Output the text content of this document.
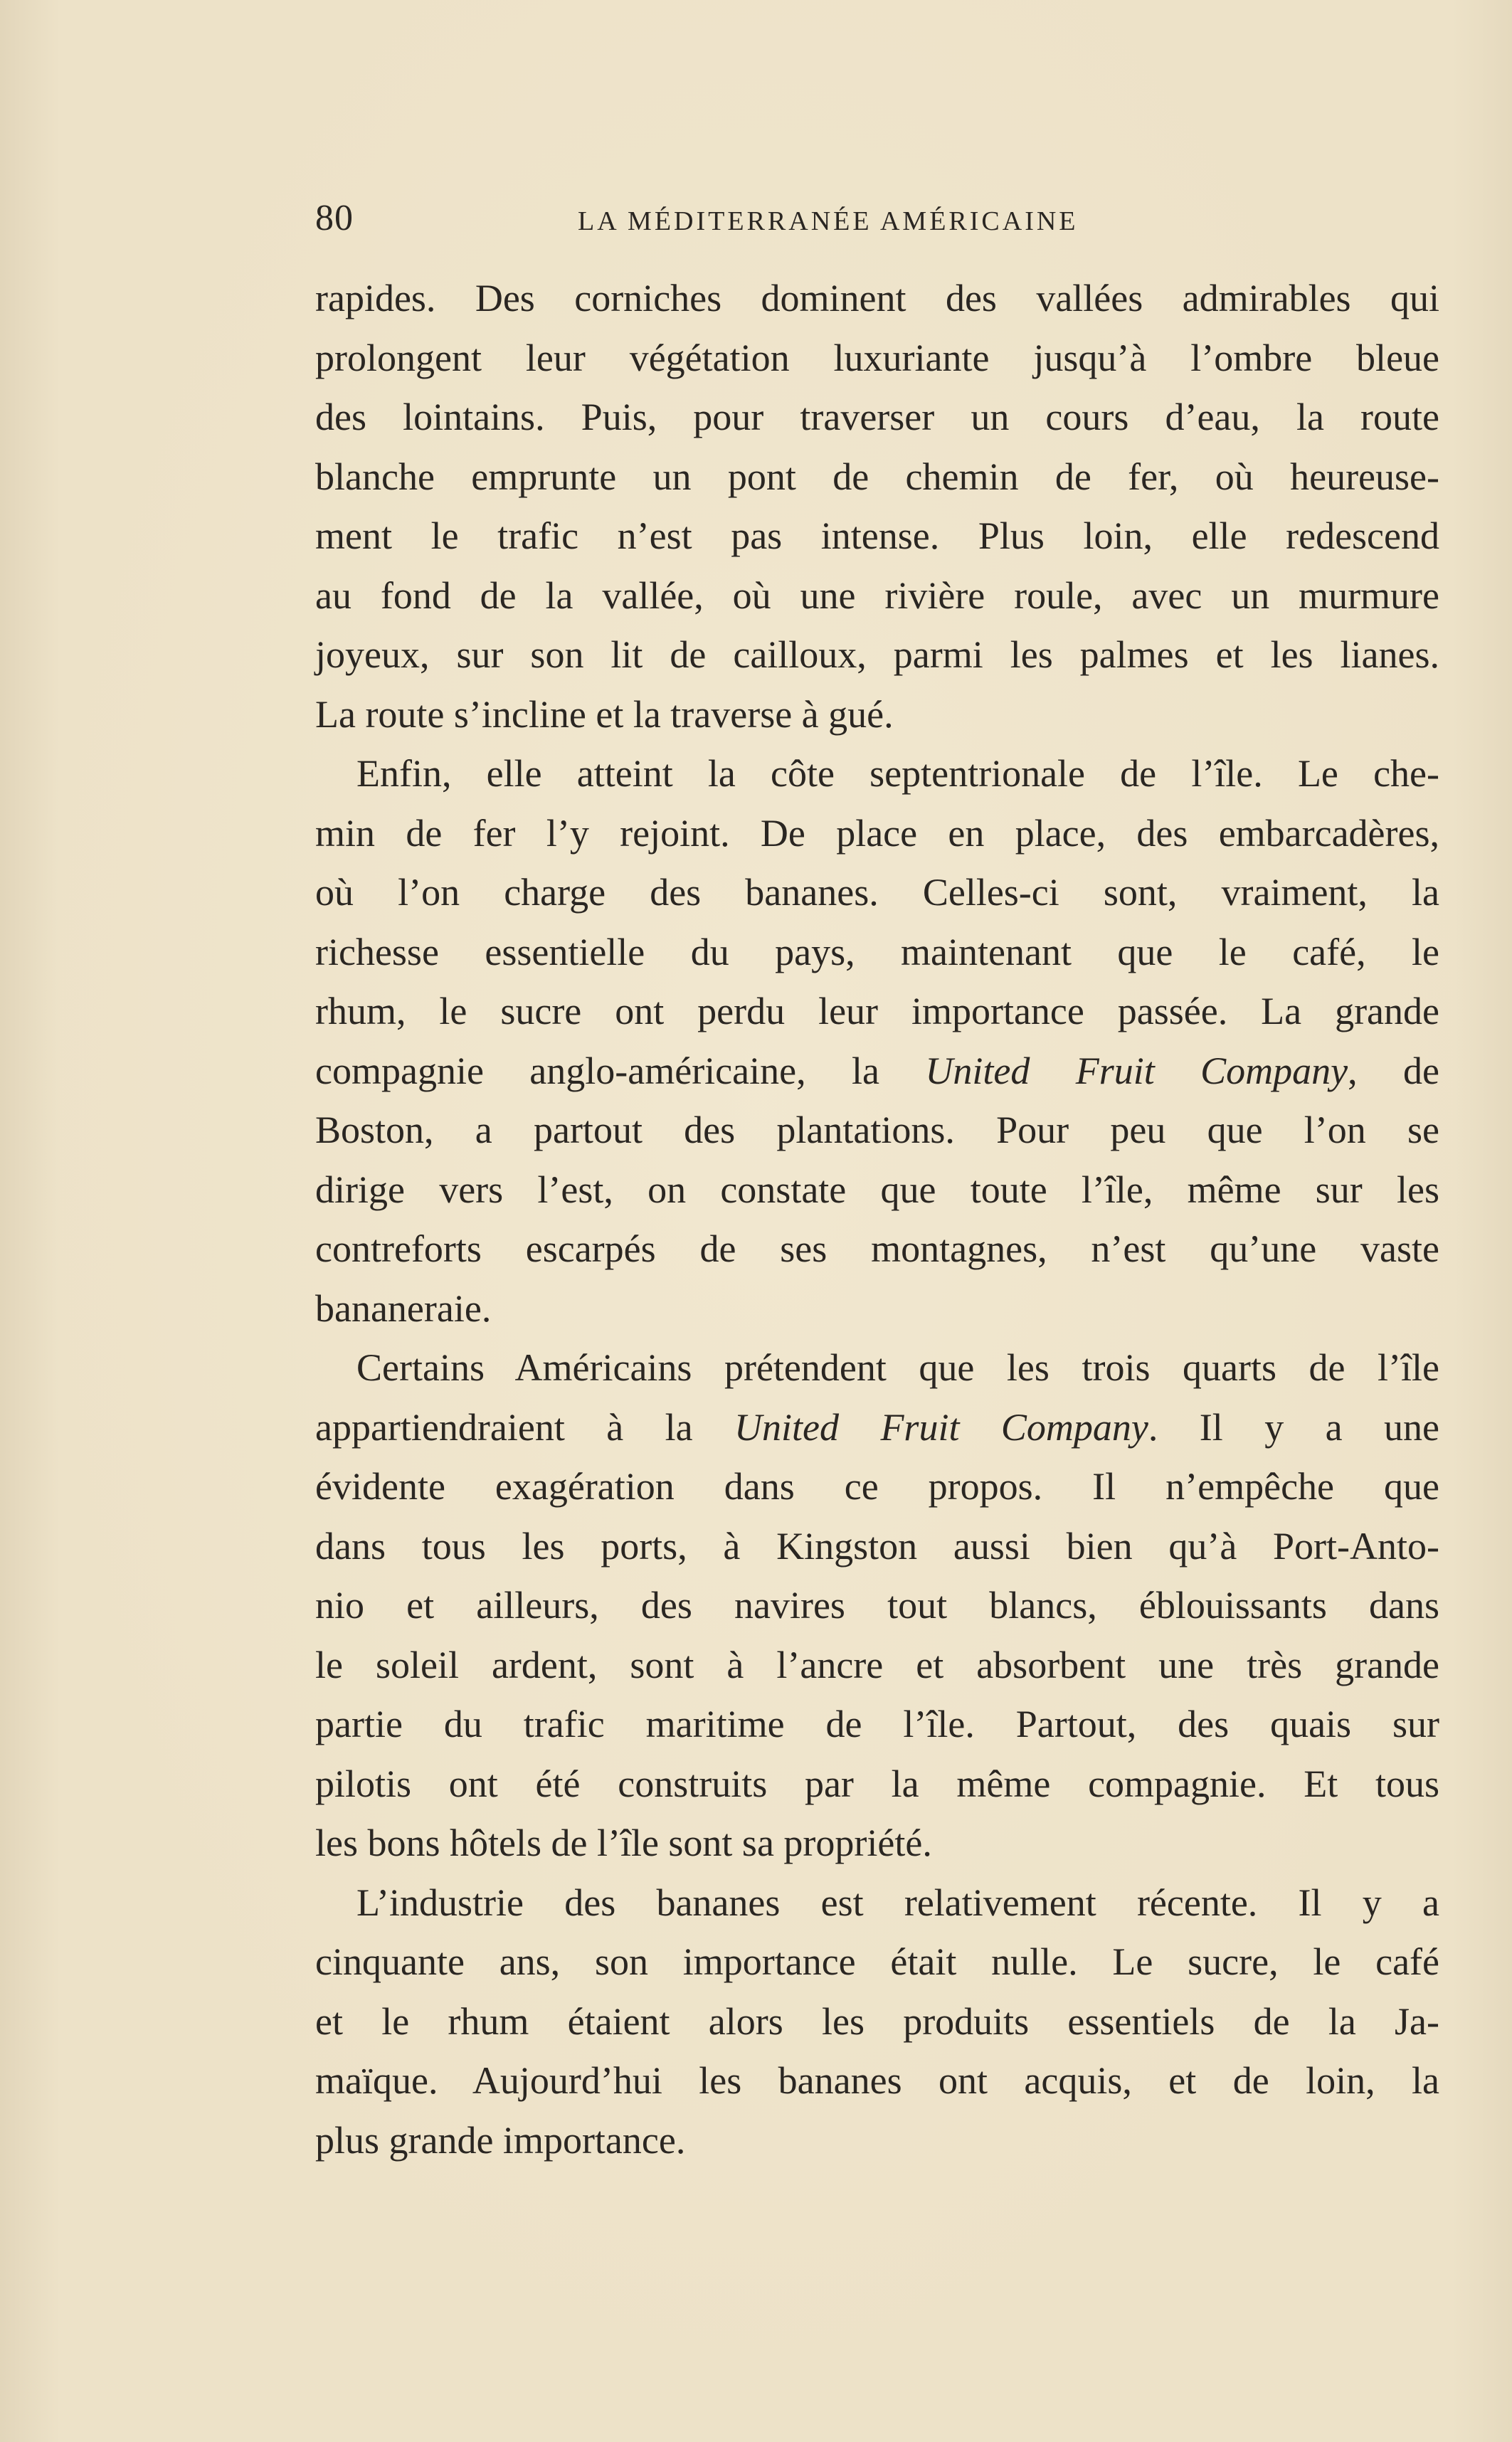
80	LA MÉDITERRANÉE AMÉRICAINE
rapides. Des corniches dominent des vallées admirables qui
prolongent leur végétation luxuriante jusqu’à l’ombre bleue
des lointains. Puis, pour traverser un cours d’eau, la route
blanche emprunte un pont de chemin de fer, où heureuse-
ment le trafic n’est pas intense. Plus loin, elle redescend
au fond de la vallée, où une rivière roule, avec un murmure
joyeux, sur son lit de cailloux, parmi les palmes et les lianes.
La route s’incline et la traverse à gué.
Enfin, elle atteint la côte septentrionale de l’île. Le che-
min de fer l’y rejoint. De place en place, des embarcadères,
où l’on charge des bananes. Celles-ci sont, vraiment, la
richesse essentielle du pays, maintenant que le café, le
rhum, le sucre ont perdu leur importance passée. La grande
compagnie anglo-américaine, la United Fruit Company, de
Boston, a partout des plantations. Pour peu que l’on se
dirige vers l’est, on constate que toute l’île, même sur les
contreforts escarpés de ses montagnes, n’est qu’une vaste
bananeraie.
Certains Américains prétendent que les trois quarts de l’île
appartiendraient à la United Fruit Company. Il y a une
évidente exagération dans ce propos. Il n’empêche que
dans tous les ports, à Kingston aussi bien qu’à Port-Anto-
nio et ailleurs, des navires tout blancs, éblouissants dans
le soleil ardent, sont à l’ancre et absorbent une très grande
partie du trafic maritime de l’île. Partout, des quais sur
pilotis ont été construits par la même compagnie. Et tous
les bons hôtels de l’île sont sa propriété.
L’industrie des bananes est relativement récente. Il y a
cinquante ans, son importance était nulle. Le sucre, le café
et le rhum étaient alors les produits essentiels de la Ja-
maïque. Aujourd’hui les bananes ont acquis, et de loin, la
plus grande importance.
